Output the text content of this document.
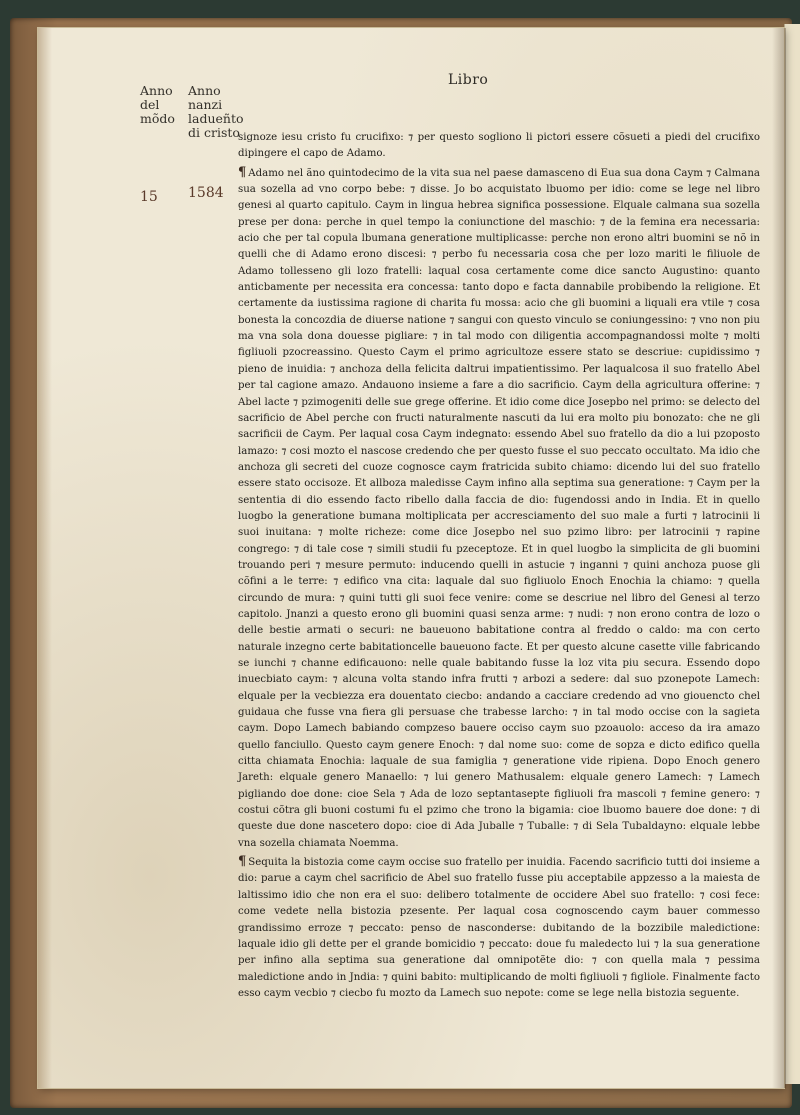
Libro
Anno del mõdo
Anno nanzi ladueñto di cristo
15 1584

signoze iesu cristo fu crucifixo: ⁊ per questo sogliono li pictori essere cõsueti a piedi del crucifixo dipingere el capo de Adamo.

¶ Adamo nel ãno quintodecimo de la vita sua nel paese damasceno di Eua sua dona Caym ⁊ Calmana sua sozella ad vno corpo bebe: ⁊ disse. Jo bo acquistato lbuomo per idio: come se lege nel libro genesi al quarto capitulo. Caym in lingua hebrea significa possessione. Elquale calmana sua sozella prese per dona: perche in quel tempo la coniunctione del maschio: ⁊ de la femina era necessaria: acio che per tal copula lbumana generatione multiplicasse: perche non erono altri buomini se nõ in quelli che di Adamo erono discesi: ⁊ perbo fu necessaria cosa che per lozo mariti le filiuole de Adamo tollesseno gli lozo fratelli: laqual cosa certamente come dice sancto Augustino: quanto anticbamente per necessita era concessa: tanto dopo e facta dannabile probibendo la religione. Et certamente da iustissima ragione di charita fu mossa: acio che gli buomini a liquali era vtile ⁊ cosa bonesta la concozdia de diuerse natione ⁊ sangui con questo vinculo se coniungessino: ⁊ vno non piu ma vna sola dona douesse pigliare: ⁊ in tal modo con diligentia accompagnandossi molte ⁊ molti figliuoli pzocreassino. Questo Caym el primo agricultoze essere stato se descriue: cupidissimo ⁊ pieno de inuidia: ⁊ anchoza della felicita daltrui impatientissimo. Per laqualcosa il suo fratello Abel per tal cagione amazo. Andauono insieme a fare a dio sacrificio. Caym della agricultura offerine: ⁊ Abel lacte ⁊ pzimogeniti delle sue grege offerine. Et idio come dice Josepbo nel primo: se delecto del sacrificio de Abel perche con fructi naturalmente nascuti da lui era molto piu bonozato: che ne gli sacrificii de Caym. Per laqual cosa Caym indegnato: essendo Abel suo fratello da dio a lui pzoposto lamazo: ⁊ cosi mozto el nascose credendo che per questo fusse el suo peccato occultato. Ma idio che anchoza gli secreti del cuoze cognosce caym fratricida subito chiamo: dicendo lui del suo fratello essere stato occisoze. Et allboza maledisse Caym infino alla septima sua generatione: ⁊ Caym per la sententia di dio essendo facto ribello dalla faccia de dio: fugendossi ando in India. Et in quello luogbo la generatione bumana moltiplicata per accresciamento del suo male a furti ⁊ latrocinii li suoi inuitana: ⁊ molte richeze: come dice Josepbo nel suo pzimo libro: per latrocinii ⁊ rapine congrego: ⁊ di tale cose ⁊ simili studii fu pzeceptoze. Et in quel luogbo la simplicita de gli buomini trouando peri ⁊ mesure permuto: inducendo quelli in astucie ⁊ inganni ⁊ quini anchoza puose gli cõfini a le terre: ⁊ edifico vna cita: laquale dal suo figliuolo Enoch Enochia la chiamo: ⁊ quella circundo de mura: ⁊ quini tutti gli suoi fece venire: come se descriue nel libro del Genesi al terzo capitolo. Jnanzi a questo erono gli buomini quasi senza arme: ⁊ nudi: ⁊ non erono contra de lozo o delle bestie armati o securi: ne baueuono babitatione contra al freddo o caldo: ma con certo naturale inzegno certe babitationcelle baueuono facte. Et per questo alcune casette ville fabricando se iunchi ⁊ channe edificauono: nelle quale babitando fusse la loz vita piu secura. Essendo dopo inuecbiato caym: ⁊ alcuna volta stando infra frutti ⁊ arbozi a sedere: dal suo pzonepote Lamech: elquale per la vecbiezza era douentato ciecbo: andando a cacciare credendo ad vno giouencto chel guidaua che fusse vna fiera gli persuase che trabesse larcho: ⁊ in tal modo occise con la sagieta caym. Dopo Lamech babiando compzeso bauere occiso caym suo pzoauolo: acceso da ira amazo quello fanciullo. Questo caym genere Enoch: ⁊ dal nome suo: come de sopza e dicto edifico quella citta chiamata Enochia: laquale de sua famiglia ⁊ generatione vide ripiena. Dopo Enoch genero Jareth: elquale genero Manaello: ⁊ lui genero Mathusalem: elquale genero Lamech: ⁊ Lamech pigliando doe done: cioe Sela ⁊ Ada de lozo septantasepte figliuoli fra mascoli ⁊ femine genero: ⁊ costui cõtra gli buoni costumi fu el pzimo che trono la bigamia: cioe lbuomo bauere doe done: ⁊ di queste due done nascetero dopo: cioe di Ada Juballe ⁊ Tuballe: ⁊ di Sela Tubaldayno: elquale lebbe vna sozella chiamata Noemma.

¶ Sequita la bistozia come caym occise suo fratello per inuidia. Facendo sacrificio tutti doi insieme a dio: parue a caym chel sacrificio de Abel suo fratello fusse piu acceptabile appzesso a la maiesta de laltissimo idio che non era el suo: delibero totalmente de occidere Abel suo fratello: ⁊ cosi fece: come vedete nella bistozia pzesente. Per laqual cosa cognoscendo caym bauer commesso grandissimo erroze ⁊ peccato: penso de nasconderse: dubitando de la bozzibile maledictione: laquale idio gli dette per el grande bomicidio ⁊ peccato: doue fu maledecto lui ⁊ la sua generatione per infino alla septima sua generatione dal omnipotẽte dio: ⁊ con quella mala ⁊ pessima maledictione ando in Jndia: ⁊ quini babito: multiplicando de molti figliuoli ⁊ figliole. Finalmente facto esso caym vecbio ⁊ ciecbo fu mozto da Lamech suo nepote: come se lege nella bistozia seguente.
